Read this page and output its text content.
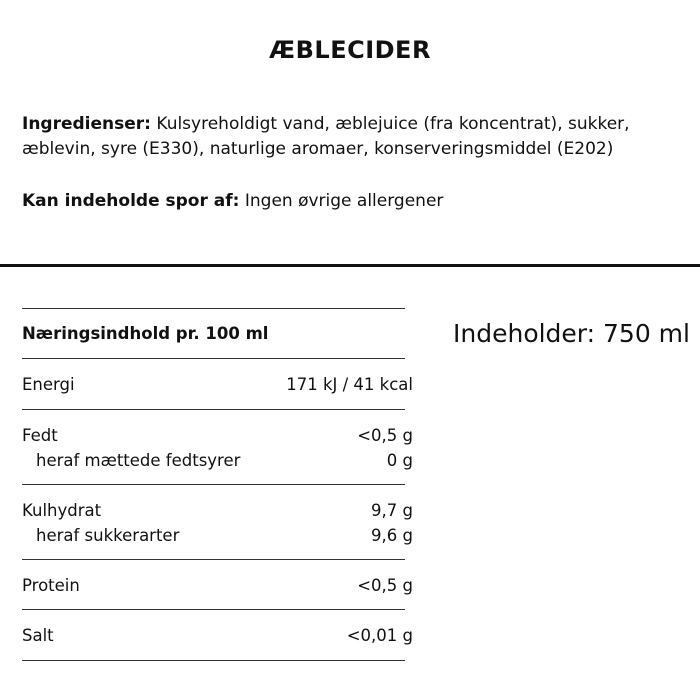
ÆBLECIDER
Ingredienser: Kulsyreholdigt vand, æblejuice (fra koncentrat), sukker, æblevin, syre (E330), naturlige aromaer, konserveringsmiddel (E202)
Kan indeholde spor af: Ingen øvrige allergener
Næringsindhold pr. 100 ml
Energi	171 kJ / 41 kcal
Fedt	<0,5 g
heraf mættede fedtsyrer	0 g
Kulhydrat	9,7 g
heraf sukkerarter	9,6 g
Protein	<0,5 g
Salt	<0,01 g
Indeholder: 750 ml
